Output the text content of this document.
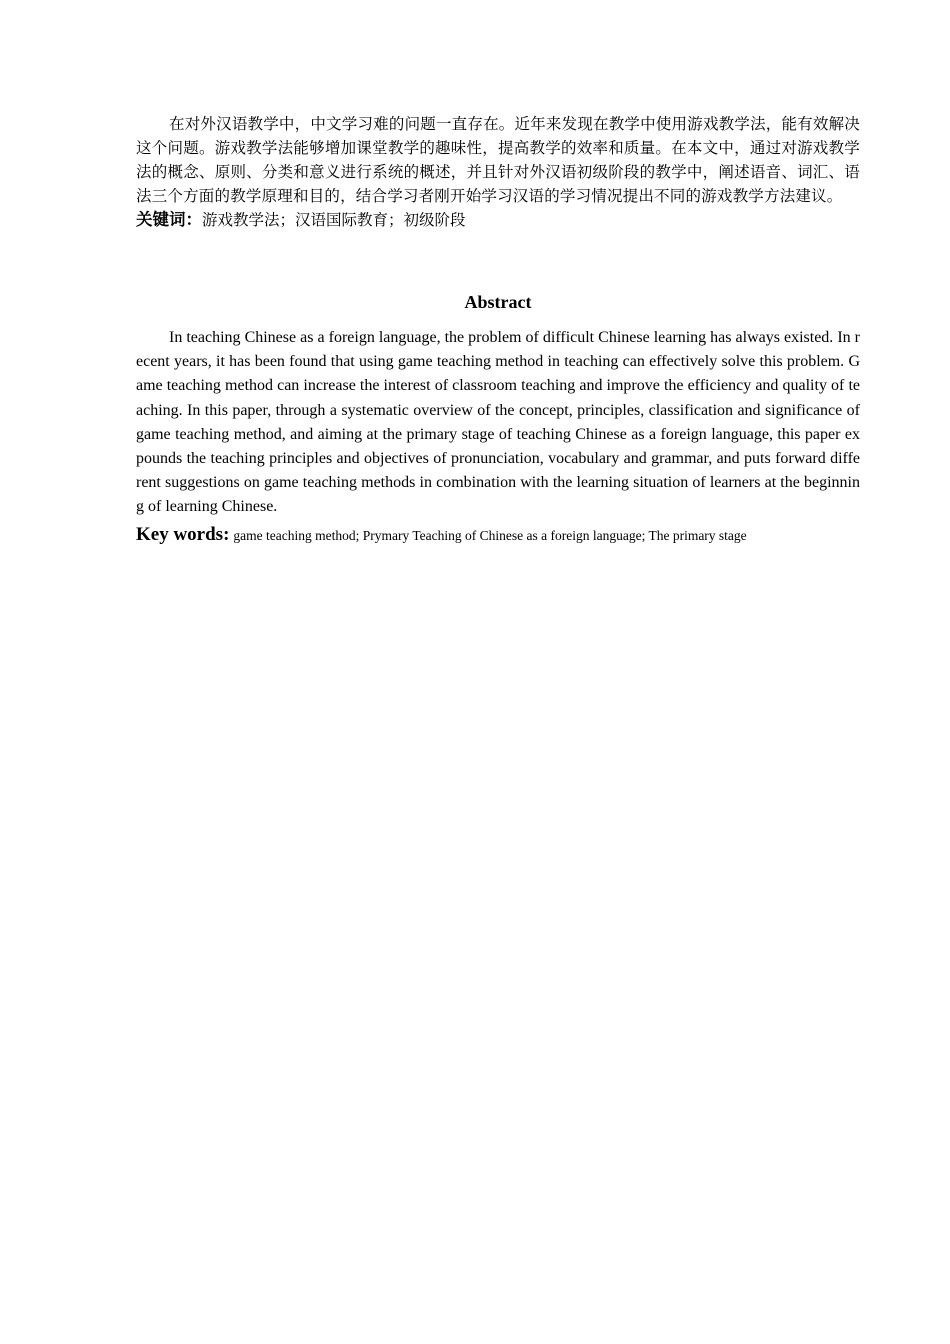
在对外汉语教学中，中文学习难的问题一直存在。近年来发现在教学中使用游戏教学法，能有效解决这个问题。游戏教学法能够增加课堂教学的趣味性，提高教学的效率和质量。在本文中，通过对游戏教学法的概念、原则、分类和意义进行系统的概述，并且针对外汉语初级阶段的教学中，阐述语音、词汇、语法三个方面的教学原理和目的，结合学习者刚开始学习汉语的学习情况提出不同的游戏教学方法建议。

关键词：游戏教学法；汉语国际教育；初级阶段

Abstract

In teaching Chinese as a foreign language, the problem of difficult Chinese learning has always existed. In recent years, it has been found that using game teaching method in teaching can effectively solve this problem. Game teaching method can increase the interest of classroom teaching and improve the efficiency and quality of teaching. In this paper, through a systematic overview of the concept, principles, classification and significance of game teaching method, and aiming at the primary stage of teaching Chinese as a foreign language, this paper expounds the teaching principles and objectives of pronunciation, vocabulary and grammar, and puts forward different suggestions on game teaching methods in combination with the learning situation of learners at the beginning of learning Chinese.

Key words: game teaching method; Prymary Teaching of Chinese as a foreign language; The primary stage
